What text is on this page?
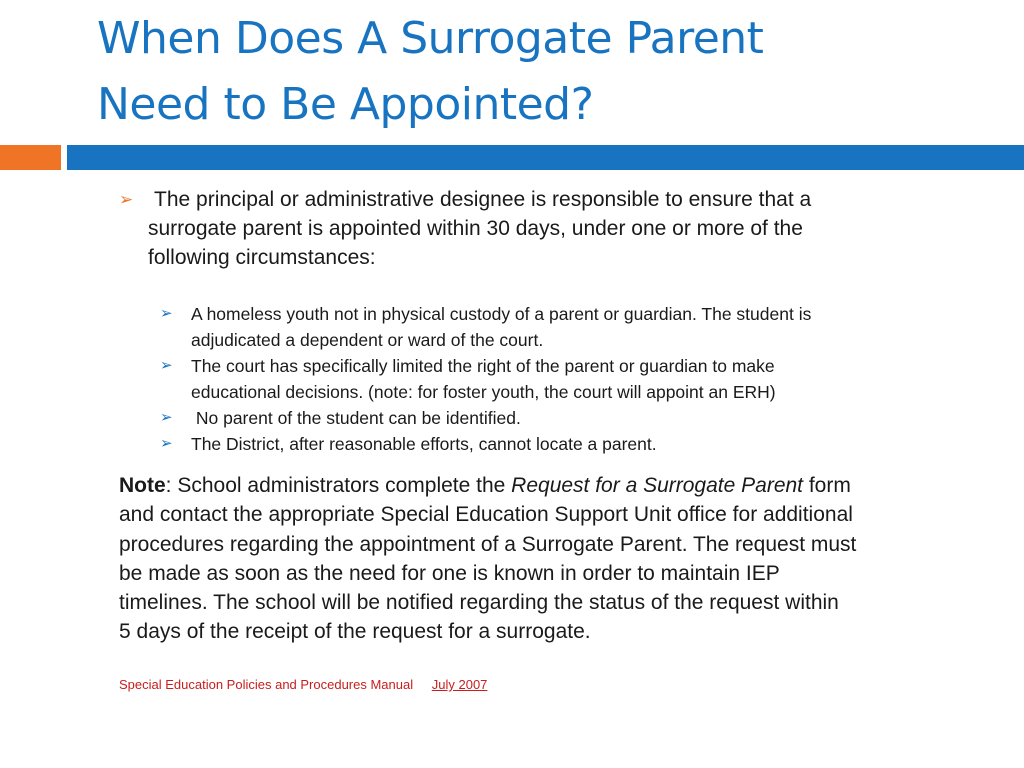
When Does A Surrogate Parent
Need to Be Appointed?
➢ The principal or administrative designee is responsible to ensure that a
surrogate parent is appointed within 30 days, under one or more of the
following circumstances:
➢ A homeless youth not in physical custody of a parent or guardian. The student is
adjudicated a dependent or ward of the court.
➢ The court has specifically limited the right of the parent or guardian to make
educational decisions. (note: for foster youth, the court will appoint an ERH)
➢ No parent of the student can be identified.
➢ The District, after reasonable efforts, cannot locate a parent.
Note: School administrators complete the Request for a Surrogate Parent form
and contact the appropriate Special Education Support Unit office for additional
procedures regarding the appointment of a Surrogate Parent. The request must
be made as soon as the need for one is known in order to maintain IEP
timelines. The school will be notified regarding the status of the request within
5 days of the receipt of the request for a surrogate.
Special Education Policies and Procedures Manual July 2007
